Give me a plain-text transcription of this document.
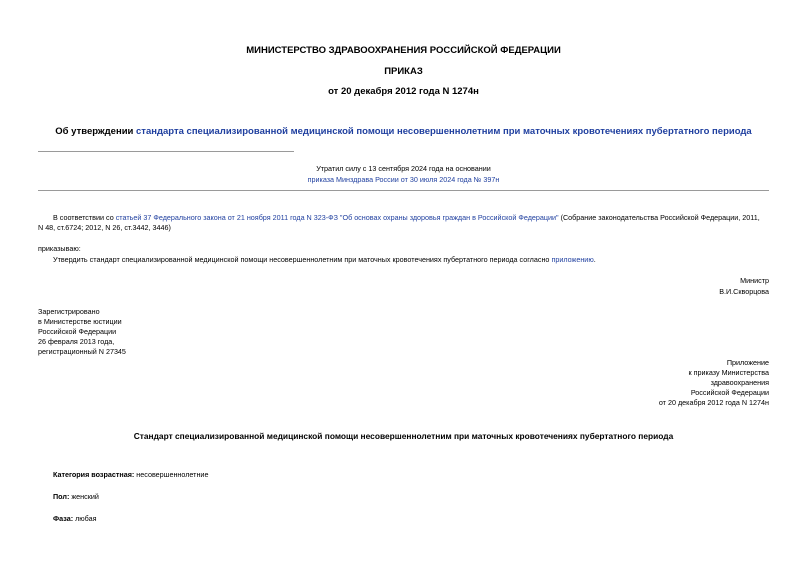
МИНИСТЕРСТВО ЗДРАВООХРАНЕНИЯ РОССИЙСКОЙ ФЕДЕРАЦИИ
ПРИКАЗ
от 20 декабря 2012 года N 1274н
Об утверждении стандарта специализированной медицинской помощи несовершеннолетним при маточных кровотечениях пубертатного периода
Утратил силу с 13 сентября 2024 года на основании
приказа Минздрава России от 30 июля 2024 года № 397н
В соответствии со статьей 37 Федерального закона от 21 ноября 2011 года N 323-ФЗ "Об основах охраны здоровья граждан в Российской Федерации" (Собрание законодательства Российской Федерации, 2011,
N 48, ст.6724; 2012, N 26, ст.3442, 3446)
приказываю:
Утвердить стандарт специализированной медицинской помощи несовершеннолетним при маточных кровотечениях пубертатного периода согласно приложению.
Министр
В.И.Скворцова
Зарегистрировано
в Министерстве юстиции
Российской Федерации
26 февраля 2013 года,
регистрационный N 27345
Приложение
к приказу Министерства
здравоохранения
Российской Федерации
от 20 декабря 2012 года N 1274н
Стандарт специализированной медицинской помощи несовершеннолетним при маточных кровотечениях пубертатного периода
Категория возрастная: несовершеннолетние
Пол: женский
Фаза: любая
